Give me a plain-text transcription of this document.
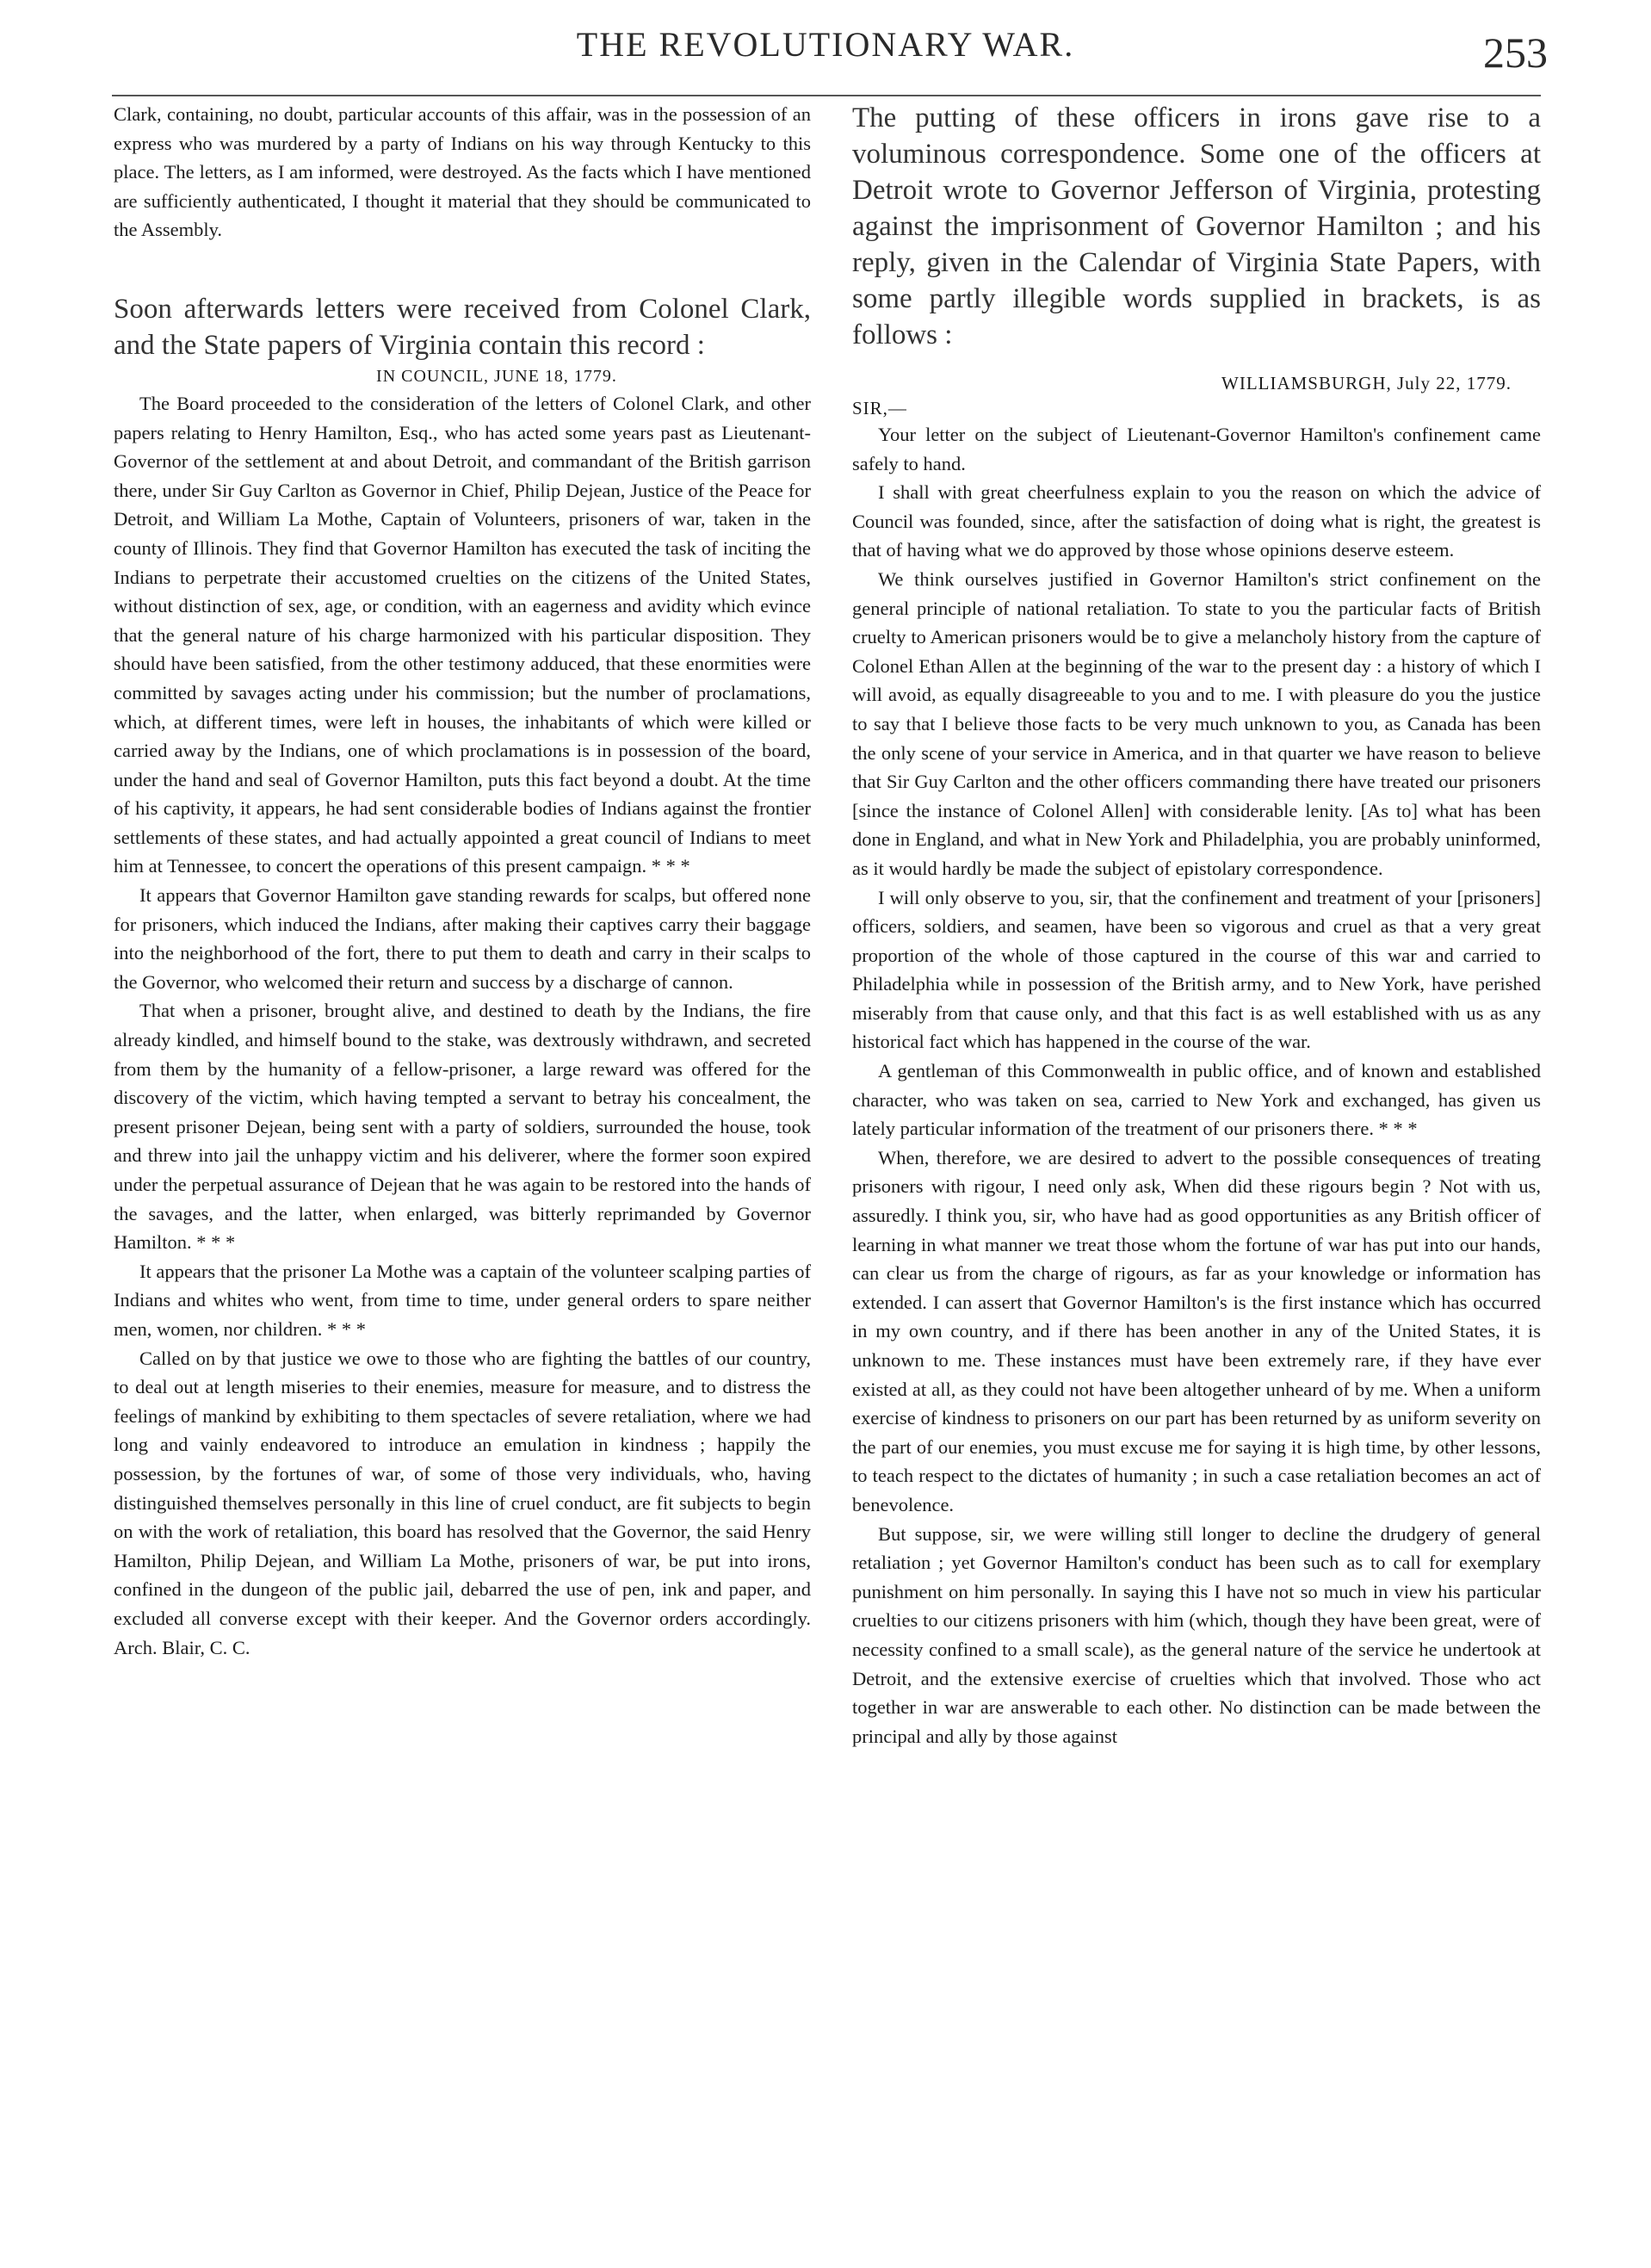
THE REVOLUTIONARY WAR.	253

Clark, containing, no doubt, particular accounts of this affair, was in the possession of an express who was murdered by a party of Indians on his way through Kentucky to this place. The letters, as I am informed, were destroyed. As the facts which I have mentioned are sufficiently authenticated, I thought it material that they should be communicated to the Assembly.

Soon afterwards letters were received from Colonel Clark, and the State papers of Virginia contain this record :

IN COUNCIL, JUNE 18, 1779.

The Board proceeded to the consideration of the letters of Colonel Clark, and other papers relating to Henry Hamilton, Esq., who has acted some years past as Lieutenant-Governor of the settlement at and about Detroit, and commandant of the British garrison there, under Sir Guy Carlton as Governor in Chief, Philip Dejean, Justice of the Peace for Detroit, and William La Mothe, Captain of Volunteers, prisoners of war, taken in the county of Illinois. They find that Governor Hamilton has executed the task of inciting the Indians to perpetrate their accustomed cruelties on the citizens of the United States, without distinction of sex, age, or condition, with an eagerness and avidity which evince that the general nature of his charge harmonized with his particular disposition. They should have been satisfied, from the other testimony adduced, that these enormities were committed by savages acting under his commission; but the number of proclamations, which, at different times, were left in houses, the inhabitants of which were killed or carried away by the Indians, one of which proclamations is in possession of the board, under the hand and seal of Governor Hamilton, puts this fact beyond a doubt. At the time of his captivity, it appears, he had sent considerable bodies of Indians against the frontier settlements of these states, and had actually appointed a great council of Indians to meet him at Tennessee, to concert the operations of this present campaign. * * *

It appears that Governor Hamilton gave standing rewards for scalps, but offered none for prisoners, which induced the Indians, after making their captives carry their baggage into the neighborhood of the fort, there to put them to death and carry in their scalps to the Governor, who welcomed their return and success by a discharge of cannon.

That when a prisoner, brought alive, and destined to death by the Indians, the fire already kindled, and himself bound to the stake, was dextrously withdrawn, and secreted from them by the humanity of a fellow-prisoner, a large reward was offered for the discovery of the victim, which having tempted a servant to betray his concealment, the present prisoner Dejean, being sent with a party of soldiers, surrounded the house, took and threw into jail the unhappy victim and his deliverer, where the former soon expired under the perpetual assurance of Dejean that he was again to be restored into the hands of the savages, and the latter, when enlarged, was bitterly reprimanded by Governor Hamilton. * * *

It appears that the prisoner La Mothe was a captain of the volunteer scalping parties of Indians and whites who went, from time to time, under general orders to spare neither men, women, nor children. * * *

Called on by that justice we owe to those who are fighting the battles of our country, to deal out at length miseries to their enemies, measure for measure, and to distress the feelings of mankind by exhibiting to them spectacles of severe retaliation, where we had long and vainly endeavored to introduce an emulation in kindness ; happily the possession, by the fortunes of war, of some of those very individuals, who, having distinguished themselves personally in this line of cruel conduct, are fit subjects to begin on with the work of retaliation, this board has resolved that the Governor, the said Henry Hamilton, Philip Dejean, and William La Mothe, prisoners of war, be put into irons, confined in the dungeon of the public jail, debarred the use of pen, ink and paper, and excluded all converse except with their keeper. And the Governor orders accordingly. Arch. Blair, C. C.

The putting of these officers in irons gave rise to a voluminous correspondence. Some one of the officers at Detroit wrote to Governor Jefferson of Virginia, protesting against the imprisonment of Governor Hamilton ; and his reply, given in the Calendar of Virginia State Papers, with some partly illegible words supplied in brackets, is as follows :

WILLIAMSBURGH, July 22, 1779.

SIR,—

Your letter on the subject of Lieutenant-Governor Hamilton's confinement came safely to hand.

I shall with great cheerfulness explain to you the reason on which the advice of Council was founded, since, after the satisfaction of doing what is right, the greatest is that of having what we do approved by those whose opinions deserve esteem.

We think ourselves justified in Governor Hamilton's strict confinement on the general principle of national retaliation. To state to you the particular facts of British cruelty to American prisoners would be to give a melancholy history from the capture of Colonel Ethan Allen at the beginning of the war to the present day : a history of which I will avoid, as equally disagreeable to you and to me. I with pleasure do you the justice to say that I believe those facts to be very much unknown to you, as Canada has been the only scene of your service in America, and in that quarter we have reason to believe that Sir Guy Carlton and the other officers commanding there have treated our prisoners [since the instance of Colonel Allen] with considerable lenity. [As to] what has been done in England, and what in New York and Philadelphia, you are probably uninformed, as it would hardly be made the subject of epistolary correspondence.

I will only observe to you, sir, that the confinement and treatment of your [prisoners] officers, soldiers, and seamen, have been so vigorous and cruel as that a very great proportion of the whole of those captured in the course of this war and carried to Philadelphia while in possession of the British army, and to New York, have perished miserably from that cause only, and that this fact is as well established with us as any historical fact which has happened in the course of the war.

A gentleman of this Commonwealth in public office, and of known and established character, who was taken on sea, carried to New York and exchanged, has given us lately particular information of the treatment of our prisoners there. * * *

When, therefore, we are desired to advert to the possible consequences of treating prisoners with rigour, I need only ask, When did these rigours begin ? Not with us, assuredly. I think you, sir, who have had as good opportunities as any British officer of learning in what manner we treat those whom the fortune of war has put into our hands, can clear us from the charge of rigours, as far as your knowledge or information has extended. I can assert that Governor Hamilton's is the first instance which has occurred in my own country, and if there has been another in any of the United States, it is unknown to me. These instances must have been extremely rare, if they have ever existed at all, as they could not have been altogether unheard of by me. When a uniform exercise of kindness to prisoners on our part has been returned by as uniform severity on the part of our enemies, you must excuse me for saying it is high time, by other lessons, to teach respect to the dictates of humanity ; in such a case retaliation becomes an act of benevolence.

But suppose, sir, we were willing still longer to decline the drudgery of general retaliation ; yet Governor Hamilton's conduct has been such as to call for exemplary punishment on him personally. In saying this I have not so much in view his particular cruelties to our citizens prisoners with him (which, though they have been great, were of necessity confined to a small scale), as the general nature of the service he undertook at Detroit, and the extensive exercise of cruelties which that involved. Those who act together in war are answerable to each other. No distinction can be made between the principal and ally by those against
